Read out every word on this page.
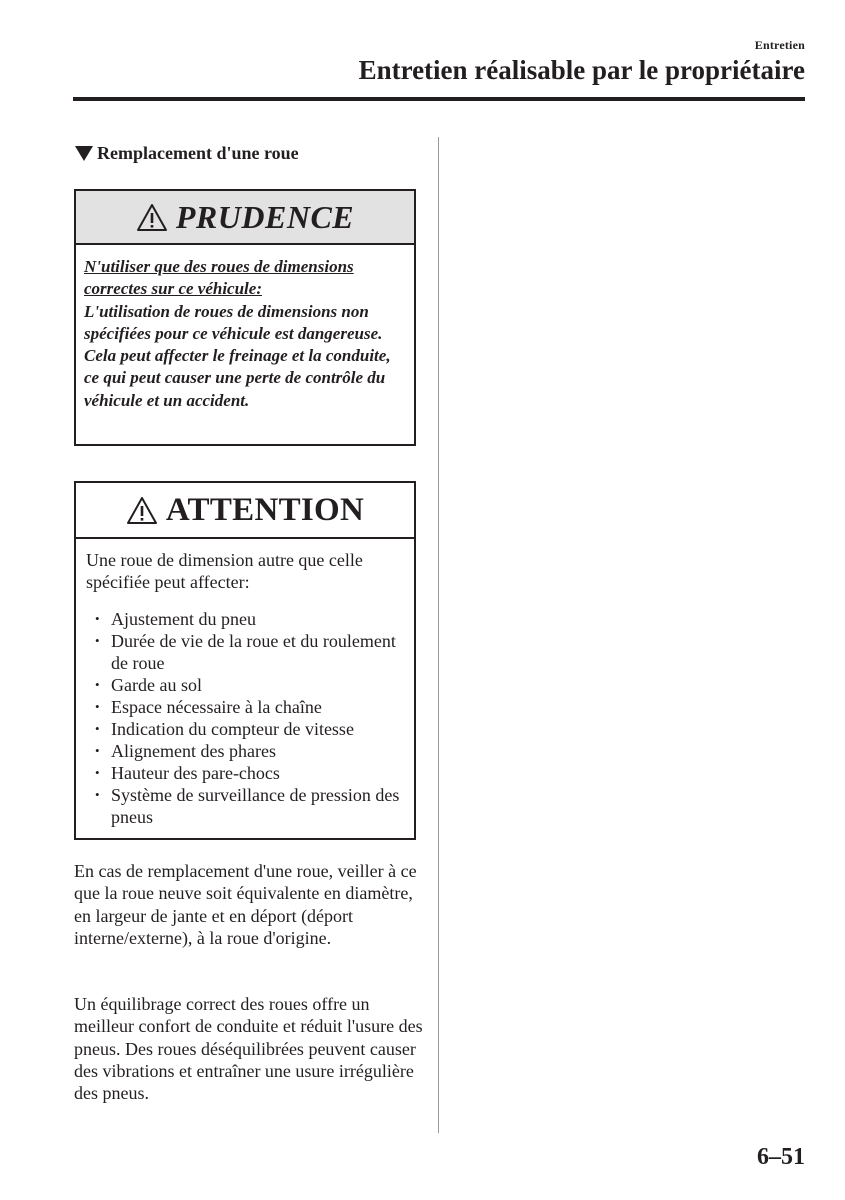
Entretien
Entretien réalisable par le propriétaire
Remplacement d'une roue
PRUDENCE
N'utiliser que des roues de dimensions
correctes sur ce véhicule:
L'utilisation de roues de dimensions non spécifiées pour ce véhicule est dangereuse. Cela peut affecter le freinage et la conduite, ce qui peut causer une perte de contrôle du véhicule et un accident.
ATTENTION
Une roue de dimension autre que celle spécifiée peut affecter:
• Ajustement du pneu
• Durée de vie de la roue et du roulement de roue
• Garde au sol
• Espace nécessaire à la chaîne
• Indication du compteur de vitesse
• Alignement des phares
• Hauteur des pare-chocs
• Système de surveillance de pression des pneus
En cas de remplacement d'une roue, veiller à ce que la roue neuve soit équivalente en diamètre, en largeur de jante et en déport (déport interne/externe), à la roue d'origine.
Un équilibrage correct des roues offre un meilleur confort de conduite et réduit l'usure des pneus. Des roues déséquilibrées peuvent causer des vibrations et entraîner une usure irrégulière des pneus.
6–51
